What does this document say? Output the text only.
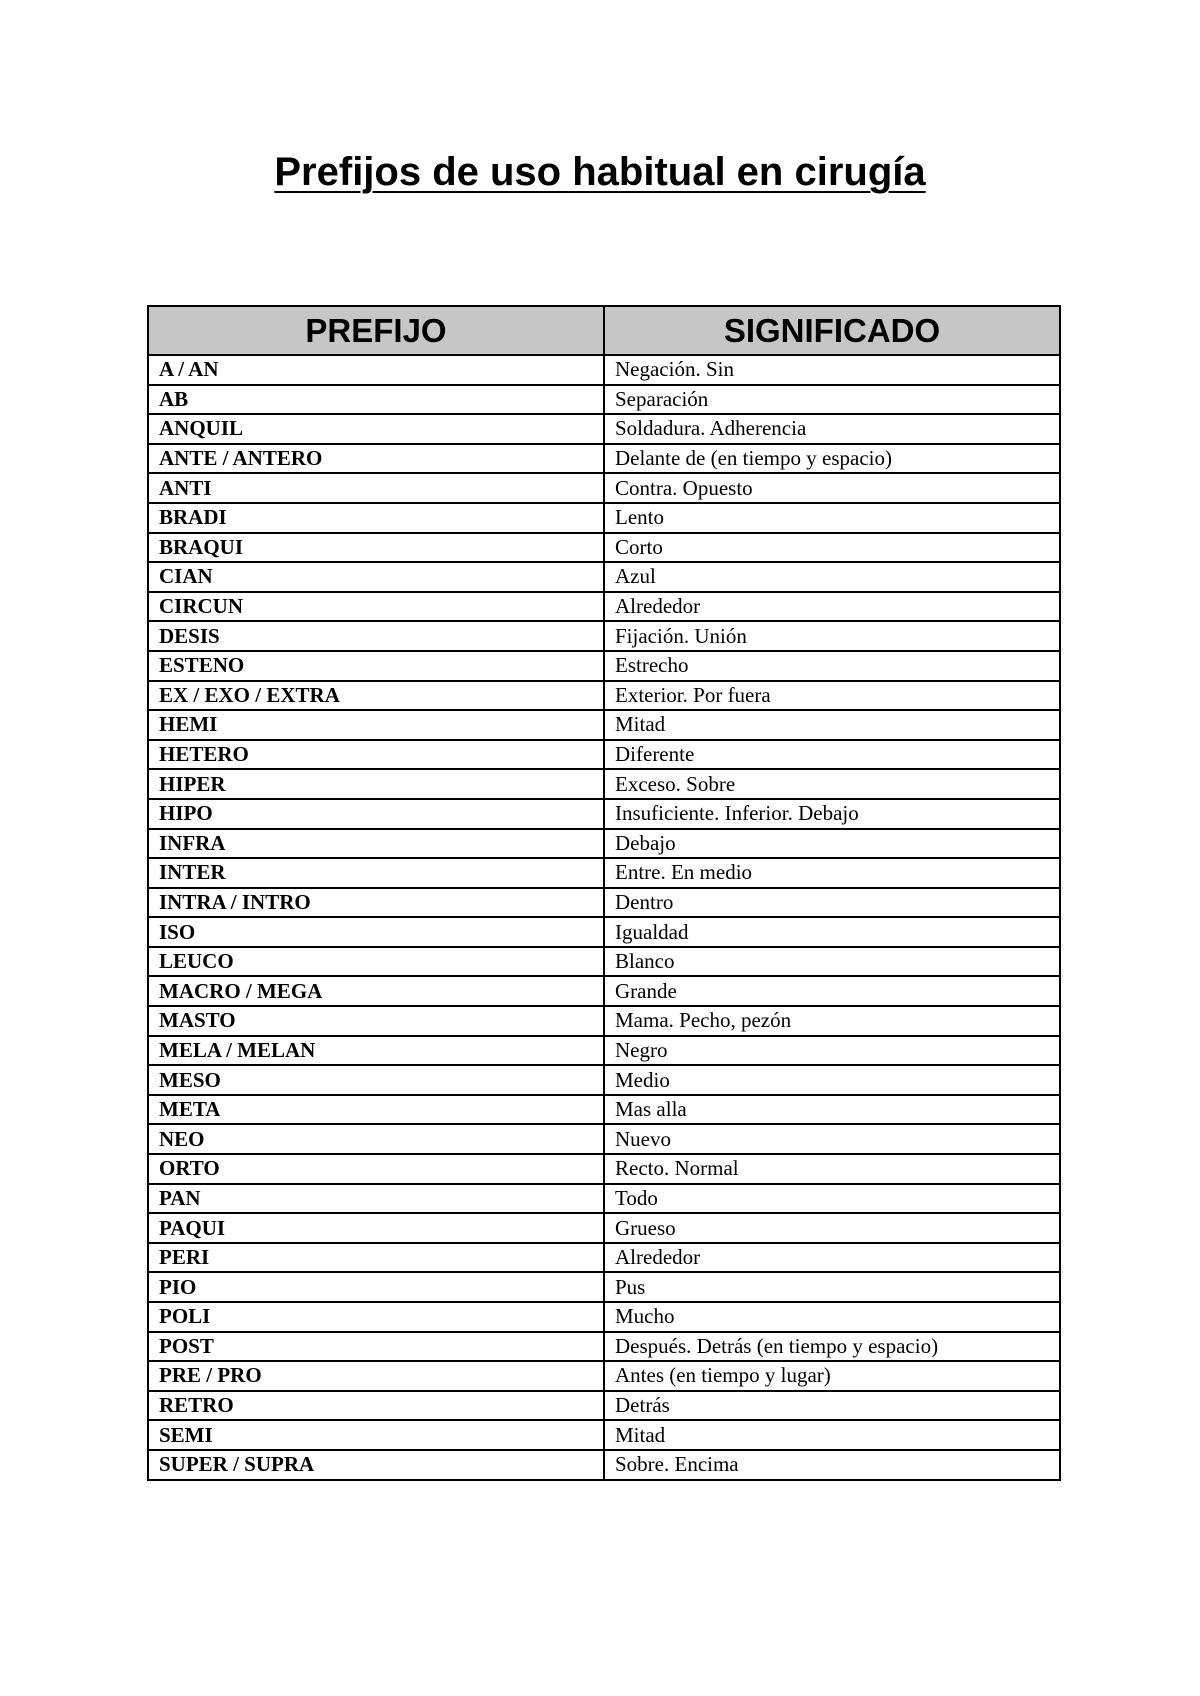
Prefijos de uso habitual en cirugía
PREFIJO	SIGNIFICADO
A / AN	Negación. Sin
AB	Separación
ANQUIL	Soldadura. Adherencia
ANTE / ANTERO	Delante de (en tiempo y espacio)
ANTI	Contra. Opuesto
BRADI	Lento
BRAQUI	Corto
CIAN	Azul
CIRCUN	Alrededor
DESIS	Fijación. Unión
ESTENO	Estrecho
EX / EXO / EXTRA	Exterior. Por fuera
HEMI	Mitad
HETERO	Diferente
HIPER	Exceso. Sobre
HIPO	Insuficiente. Inferior. Debajo
INFRA	Debajo
INTER	Entre. En medio
INTRA / INTRO	Dentro
ISO	Igualdad
LEUCO	Blanco
MACRO / MEGA	Grande
MASTO	Mama. Pecho, pezón
MELA / MELAN	Negro
MESO	Medio
META	Mas alla
NEO	Nuevo
ORTO	Recto. Normal
PAN	Todo
PAQUI	Grueso
PERI	Alrededor
PIO	Pus
POLI	Mucho
POST	Después. Detrás (en tiempo y espacio)
PRE / PRO	Antes (en tiempo y lugar)
RETRO	Detrás
SEMI	Mitad
SUPER / SUPRA	Sobre. Encima
